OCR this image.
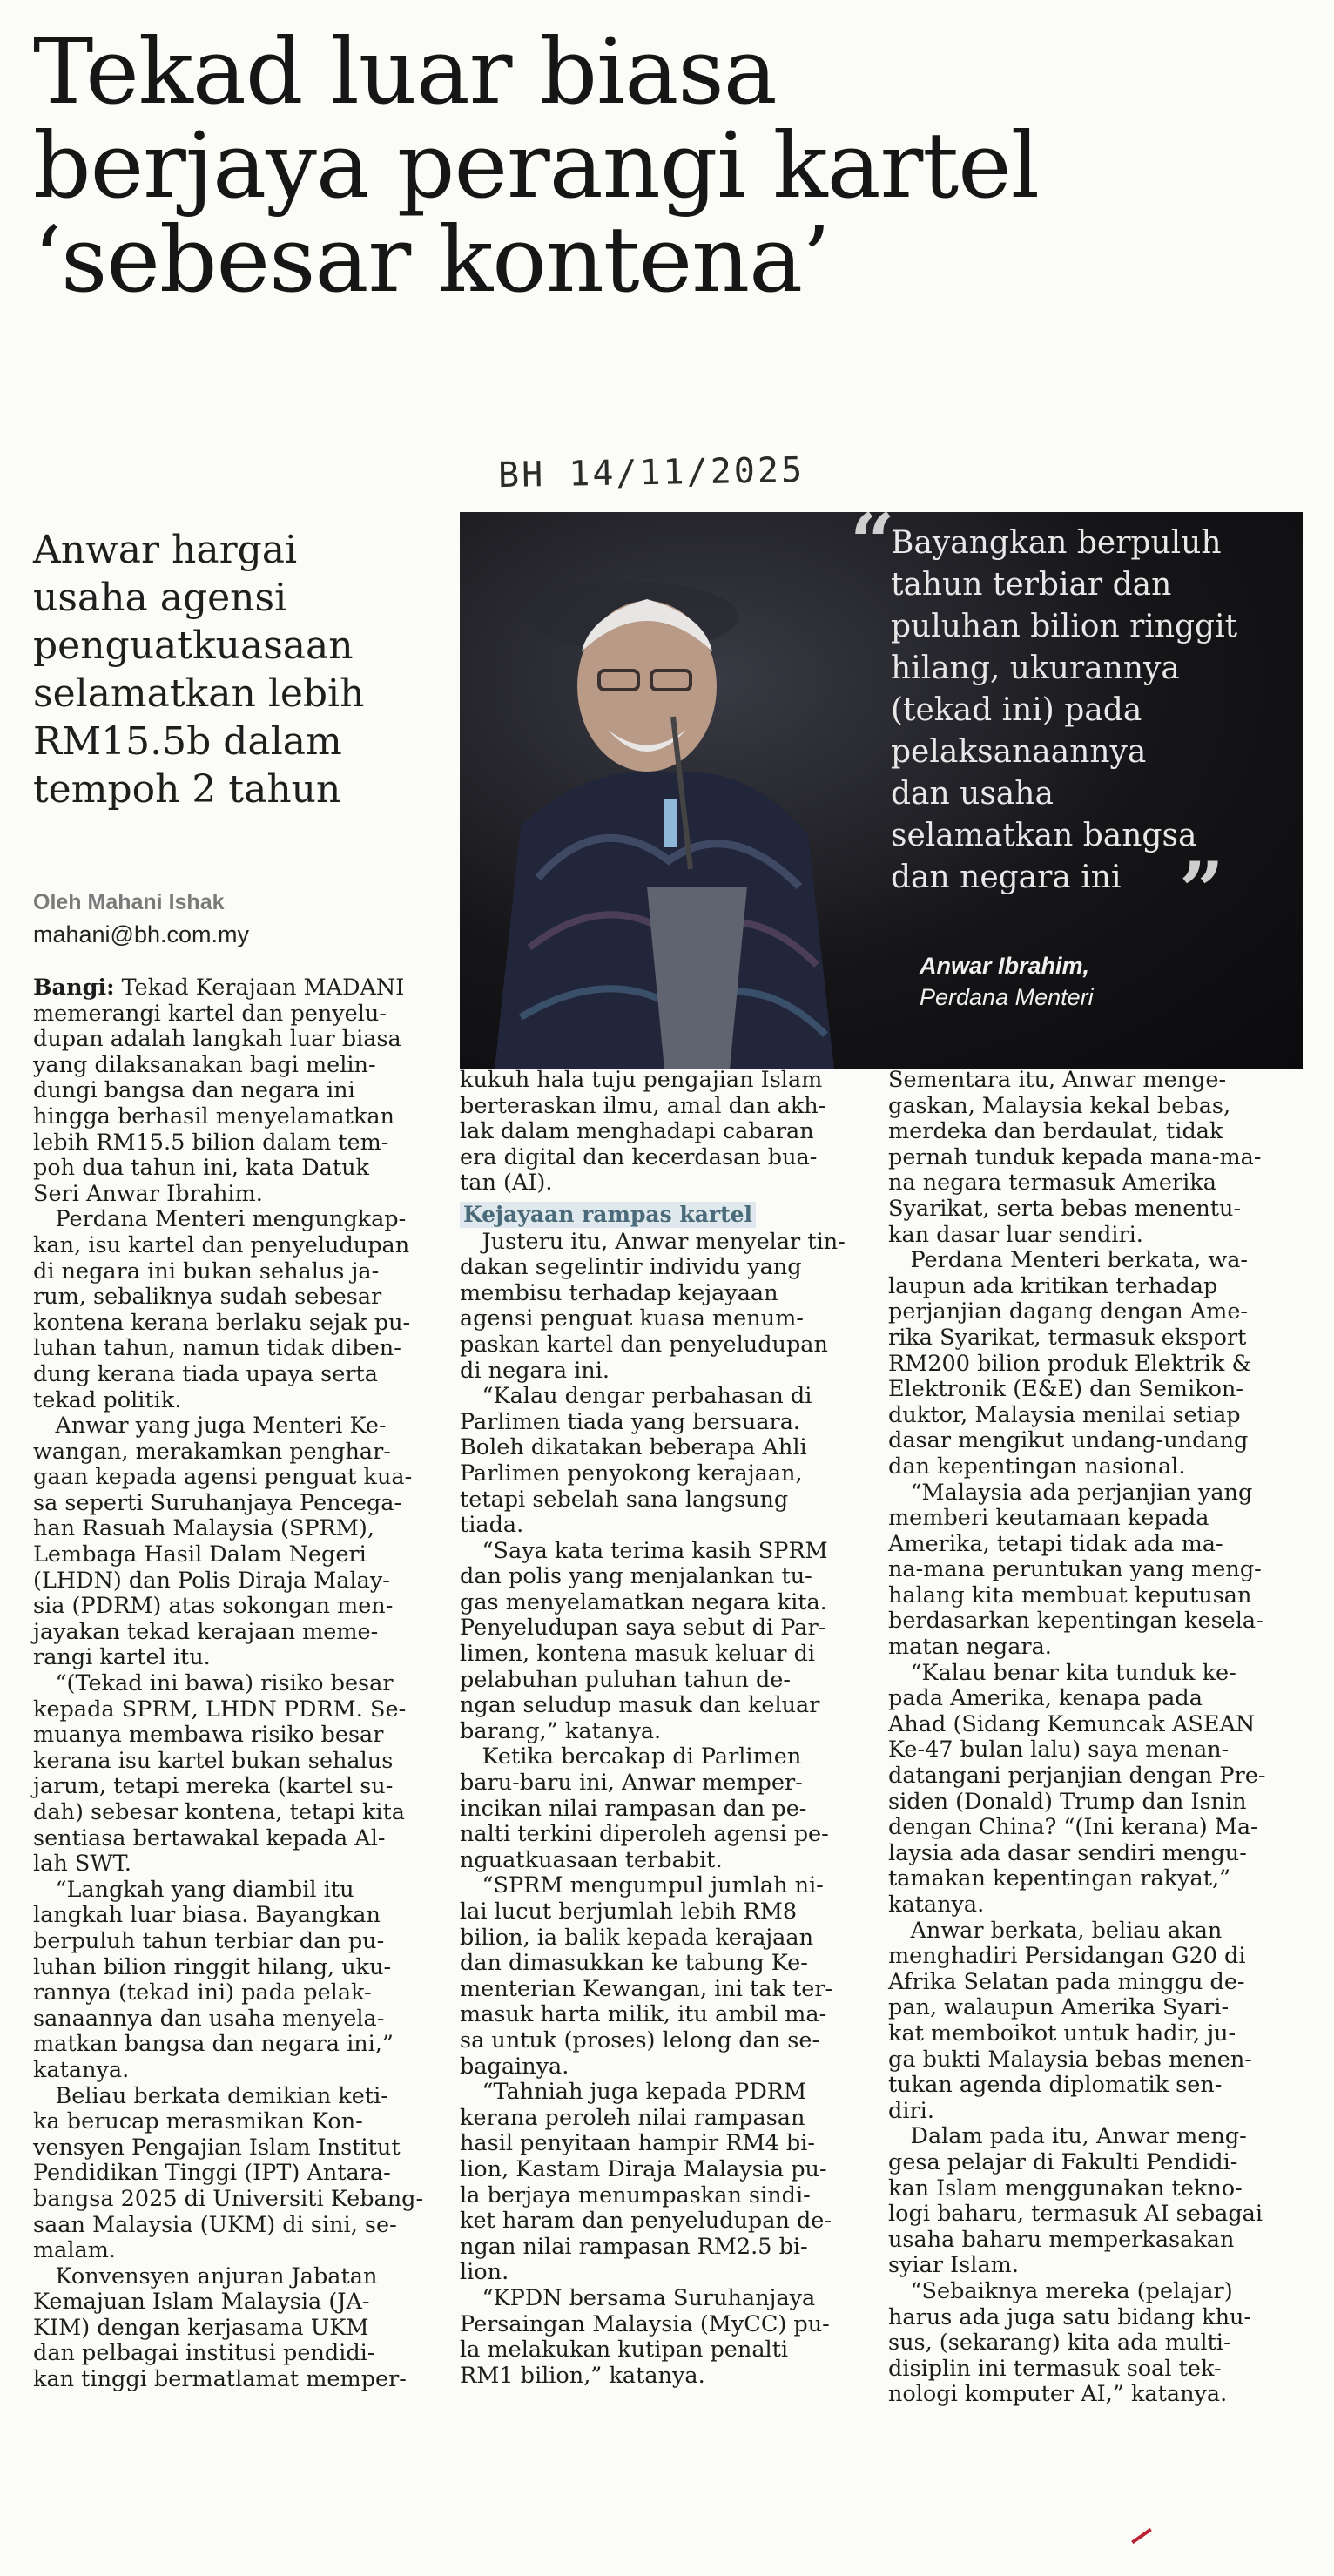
Tekad luar biasa
berjaya perangi kartel
‘sebesar kontena’
BH 14/11/2025
Anwar hargai
usaha agensi
penguatkuasaan
selamatkan lebih
RM15.5b dalam
tempoh 2 tahun
Oleh Mahani Ishak
mahani@bh.com.my
“

Bayangkan berpuluh
tahun terbiar dan
puluhan bilion ringgit
hilang, ukurannya
(tekad ini) pada
pelaksanaannya
dan usaha
selamatkan bangsa
dan negara ini ”
Anwar Ibrahim,
Perdana Menteri

Bangi: Tekad Kerajaan MADANI
memerangi kartel dan penyelu-
dupan adalah langkah luar biasa
yang dilaksanakan bagi melin-
dungi bangsa dan negara ini
hingga berhasil menyelamatkan
lebih RM15.5 bilion dalam tem-
poh dua tahun ini, kata Datuk
Seri Anwar Ibrahim.

 Perdana Menteri mengungkap-
kan, isu kartel dan penyeludupan
di negara ini bukan sehalus ja-
rum, sebaliknya sudah sebesar
kontena kerana berlaku sejak pu-
luhan tahun, namun tidak diben-
dung kerana tiada upaya serta
tekad politik.

 Anwar yang juga Menteri Ke-
wangan, merakamkan penghar-
gaan kepada agensi penguat kua-
sa seperti Suruhanjaya Pencega-
han Rasuah Malaysia (SPRM),
Lembaga Hasil Dalam Negeri
(LHDN) dan Polis Diraja Malay-
sia (PDRM) atas sokongan men-
jayakan tekad kerajaan meme-
rangi kartel itu.

 “(Tekad ini bawa) risiko besar
kepada SPRM, LHDN PDRM. Se-
muanya membawa risiko besar
kerana isu kartel bukan sehalus
jarum, tetapi mereka (kartel su-
dah) sebesar kontena, tetapi kita
sentiasa bertawakal kepada Al-
lah SWT.

 “Langkah yang diambil itu
langkah luar biasa. Bayangkan
berpuluh tahun terbiar dan pu-
luhan bilion ringgit hilang, uku-
rannya (tekad ini) pada pelak-
sanaannya dan usaha menyela-
matkan bangsa dan negara ini,”
katanya.

 Beliau berkata demikian keti-
ka berucap merasmikan Kon-
vensyen Pengajian Islam Institut
Pendidikan Tinggi (IPT) Antara-
bangsa 2025 di Universiti Kebang-
saan Malaysia (UKM) di sini, se-
malam.

 Konvensyen anjuran Jabatan
Kemajuan Islam Malaysia (JA-
KIM) dengan kerjasama UKM
dan pelbagai institusi pendidi-
kan tinggi bermatlamat memper-

kukuh hala tuju pengajian Islam
berteraskan ilmu, amal dan akh-
lak dalam menghadapi cabaran
era digital dan kecerdasan bua-
tan (AI).

Kejayaan rampas kartel

 Justeru itu, Anwar menyelar tin-
dakan segelintir individu yang
membisu terhadap kejayaan
agensi penguat kuasa menum-
paskan kartel dan penyeludupan
di negara ini.

 “Kalau dengar perbahasan di
Parlimen tiada yang bersuara.
Boleh dikatakan beberapa Ahli
Parlimen penyokong kerajaan,
tetapi sebelah sana langsung
tiada.

 “Saya kata terima kasih SPRM
dan polis yang menjalankan tu-
gas menyelamatkan negara kita.
Penyeludupan saya sebut di Par-
limen, kontena masuk keluar di
pelabuhan puluhan tahun de-
ngan seludup masuk dan keluar
barang,” katanya.

 Ketika bercakap di Parlimen
baru-baru ini, Anwar memper-
incikan nilai rampasan dan pe-
nalti terkini diperoleh agensi pe-
nguatkuasaan terbabit.

 “SPRM mengumpul jumlah ni-
lai lucut berjumlah lebih RM8
bilion, ia balik kepada kerajaan
dan dimasukkan ke tabung Ke-
menterian Kewangan, ini tak ter-
masuk harta milik, itu ambil ma-
sa untuk (proses) lelong dan se-
bagainya.

 “Tahniah juga kepada PDRM
kerana peroleh nilai rampasan
hasil penyitaan hampir RM4 bi-
lion, Kastam Diraja Malaysia pu-
la berjaya menumpaskan sindi-
ket haram dan penyeludupan de-
ngan nilai rampasan RM2.5 bi-
lion.

 “KPDN bersama Suruhanjaya
Persaingan Malaysia (MyCC) pu-
la melakukan kutipan penalti
RM1 bilion,” katanya.

Sementara itu, Anwar menge-
gaskan, Malaysia kekal bebas,
merdeka dan berdaulat, tidak
pernah tunduk kepada mana-ma-
na negara termasuk Amerika
Syarikat, serta bebas menentu-
kan dasar luar sendiri.

 Perdana Menteri berkata, wa-
laupun ada kritikan terhadap
perjanjian dagang dengan Ame-
rika Syarikat, termasuk eksport
RM200 bilion produk Elektrik &
Elektronik (E&E) dan Semikon-
duktor, Malaysia menilai setiap
dasar mengikut undang-undang
dan kepentingan nasional.

 “Malaysia ada perjanjian yang
memberi keutamaan kepada
Amerika, tetapi tidak ada ma-
na-mana peruntukan yang meng-
halang kita membuat keputusan
berdasarkan kepentingan kesela-
matan negara.

 “Kalau benar kita tunduk ke-
pada Amerika, kenapa pada
Ahad (Sidang Kemuncak ASEAN
Ke-47 bulan lalu) saya menan-
datangani perjanjian dengan Pre-
siden (Donald) Trump dan Isnin
dengan China? “(Ini kerana) Ma-
laysia ada dasar sendiri mengu-
tamakan kepentingan rakyat,”
katanya.

 Anwar berkata, beliau akan
menghadiri Persidangan G20 di
Afrika Selatan pada minggu de-
pan, walaupun Amerika Syari-
kat memboikot untuk hadir, ju-
ga bukti Malaysia bebas menen-
tukan agenda diplomatik sen-
diri.

 Dalam pada itu, Anwar meng-
gesa pelajar di Fakulti Pendidi-
kan Islam menggunakan tekno-
logi baharu, termasuk AI sebagai
usaha baharu memperkasakan
syiar Islam.

 “Sebaiknya mereka (pelajar)
harus ada juga satu bidang khu-
sus, (sekarang) kita ada multi-
disiplin ini termasuk soal tek-
nologi komputer AI,” katanya.
